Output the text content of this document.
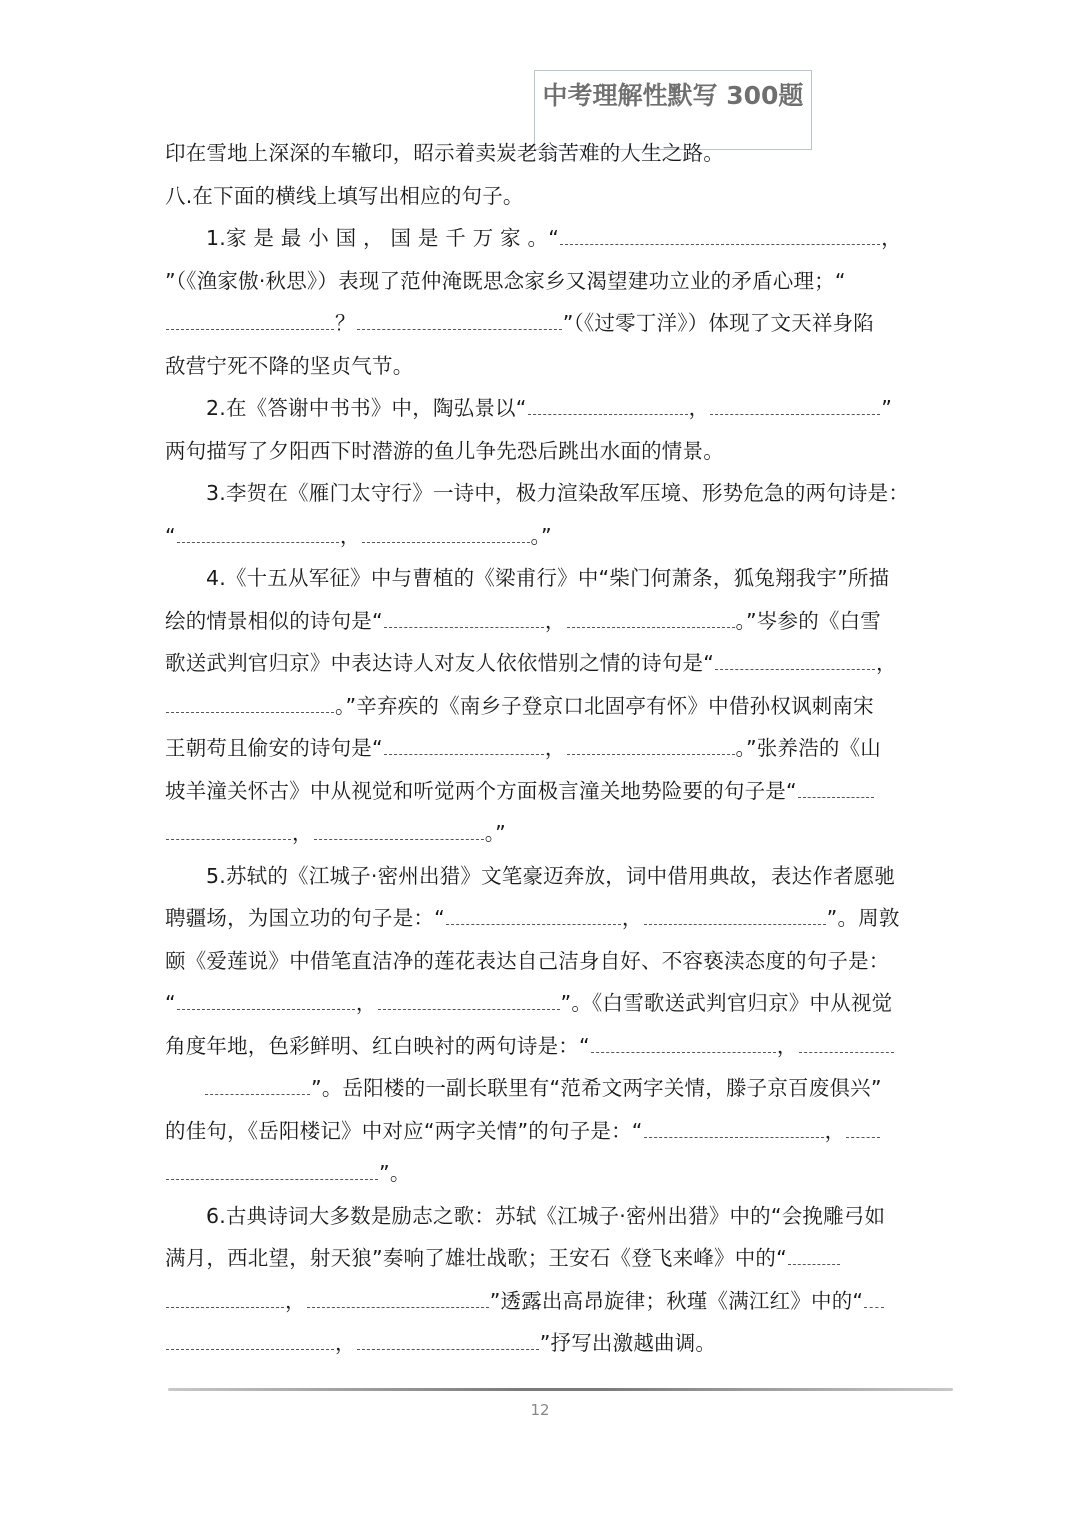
中考理解性默写 300题

印在雪地上深深的车辙印，昭示着卖炭老翁苦难的人生之路。

八.在下面的横线上填写出相应的句子。

1.家 是 最 小 国 ， 国 是 千 万 家 。“	，

”（《渔家傲·秋思》）表现了范仲淹既思念家乡又渴望建功立业的矛盾心理；“

？	”（《过零丁洋》）体现了文天祥身陷

敌营宁死不降的坚贞气节。

2.在《答谢中书书》中，陶弘景以“	，	”

两句描写了夕阳西下时潜游的鱼儿争先恐后跳出水面的情景。

3.李贺在《雁门太守行》一诗中，极力渲染敌军压境、形势危急的两句诗是：

“	，	。”

4.《十五从军征》中与曹植的《梁甫行》中“柴门何萧条，狐兔翔我宇”所描

绘的情景相似的诗句是“	，	。”岑参的《白雪

歌送武判官归京》中表达诗人对友人依依惜别之情的诗句是“	，

。”辛弃疾的《南乡子登京口北固亭有怀》中借孙权讽刺南宋

王朝苟且偷安的诗句是“	，	。”张养浩的《山

坡羊潼关怀古》中从视觉和听觉两个方面极言潼关地势险要的句子是“

，	。”

5.苏轼的《江城子·密州出猎》文笔豪迈奔放，词中借用典故，表达作者愿驰

聘疆场，为国立功的句子是：“	，	”。周敦

颐《爱莲说》中借笔直洁净的莲花表达自己洁身自好、不容亵渎态度的句子是：

“	，	”。《白雪歌送武判官归京》中从视觉

角度年地，色彩鲜明、红白映衬的两句诗是：“	，

”。岳阳楼的一副长联里有“范希文两字关情，滕子京百废俱兴”

的佳句，《岳阳楼记》中对应“两字关情”的句子是：“	，

”。

6.古典诗词大多数是励志之歌：苏轼《江城子·密州出猎》中的“会挽雕弓如

满月，西北望，射天狼”奏响了雄壮战歌；王安石《登飞来峰》中的“

，	”透露出高昂旋律；秋瑾《满江红》中的“

，	”抒写出激越曲调。

12
